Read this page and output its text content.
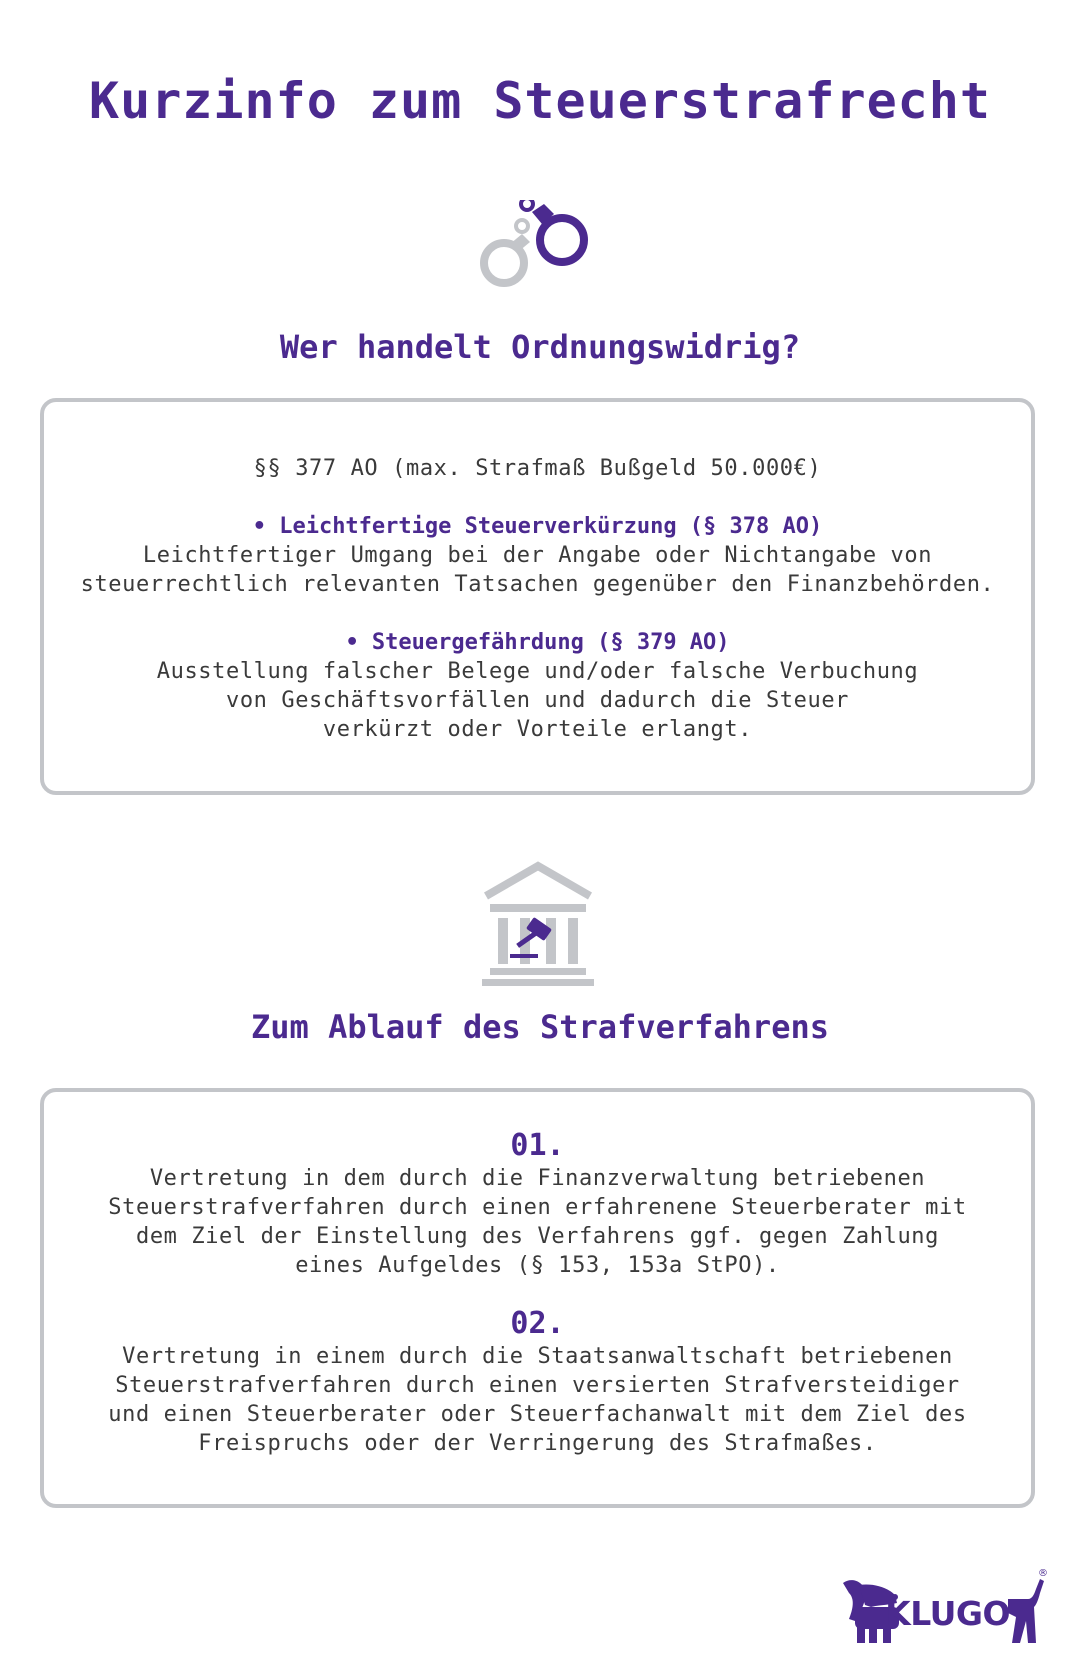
Kurzinfo zum Steuerstrafrecht
Wer handelt Ordnungswidrig?

§§ 377 AO (max. Strafmaß Bußgeld 50.000€)

• Leichtfertige Steuerverkürzung (§ 378 AO)

Leichtfertiger Umgang bei der Angabe oder Nichtangabe von

steuerrechtlich relevanten Tatsachen gegenüber den Finanzbehörden.

• Steuergefährdung (§ 379 AO)

Ausstellung falscher Belege und/oder falsche Verbuchung

von Geschäftsvorfällen und dadurch die Steuer

verkürzt oder Vorteile erlangt.

Zum Ablauf des Strafverfahrens

01.

Vertretung in dem durch die Finanzverwaltung betriebenen

Steuerstrafverfahren durch einen erfahrenene Steuerberater mit

dem Ziel der Einstellung des Verfahrens ggf. gegen Zahlung

eines Aufgeldes (§ 153, 153a StPO).

02.

Vertretung in einem durch die Staatsanwaltschaft betriebenen

Steuerstrafverfahren durch einen versierten Strafversteidiger

und einen Steuerberater oder Steuerfachanwalt mit dem Ziel des

Freispruchs oder der Verringerung des Strafmaßes.

KLUGO
®
